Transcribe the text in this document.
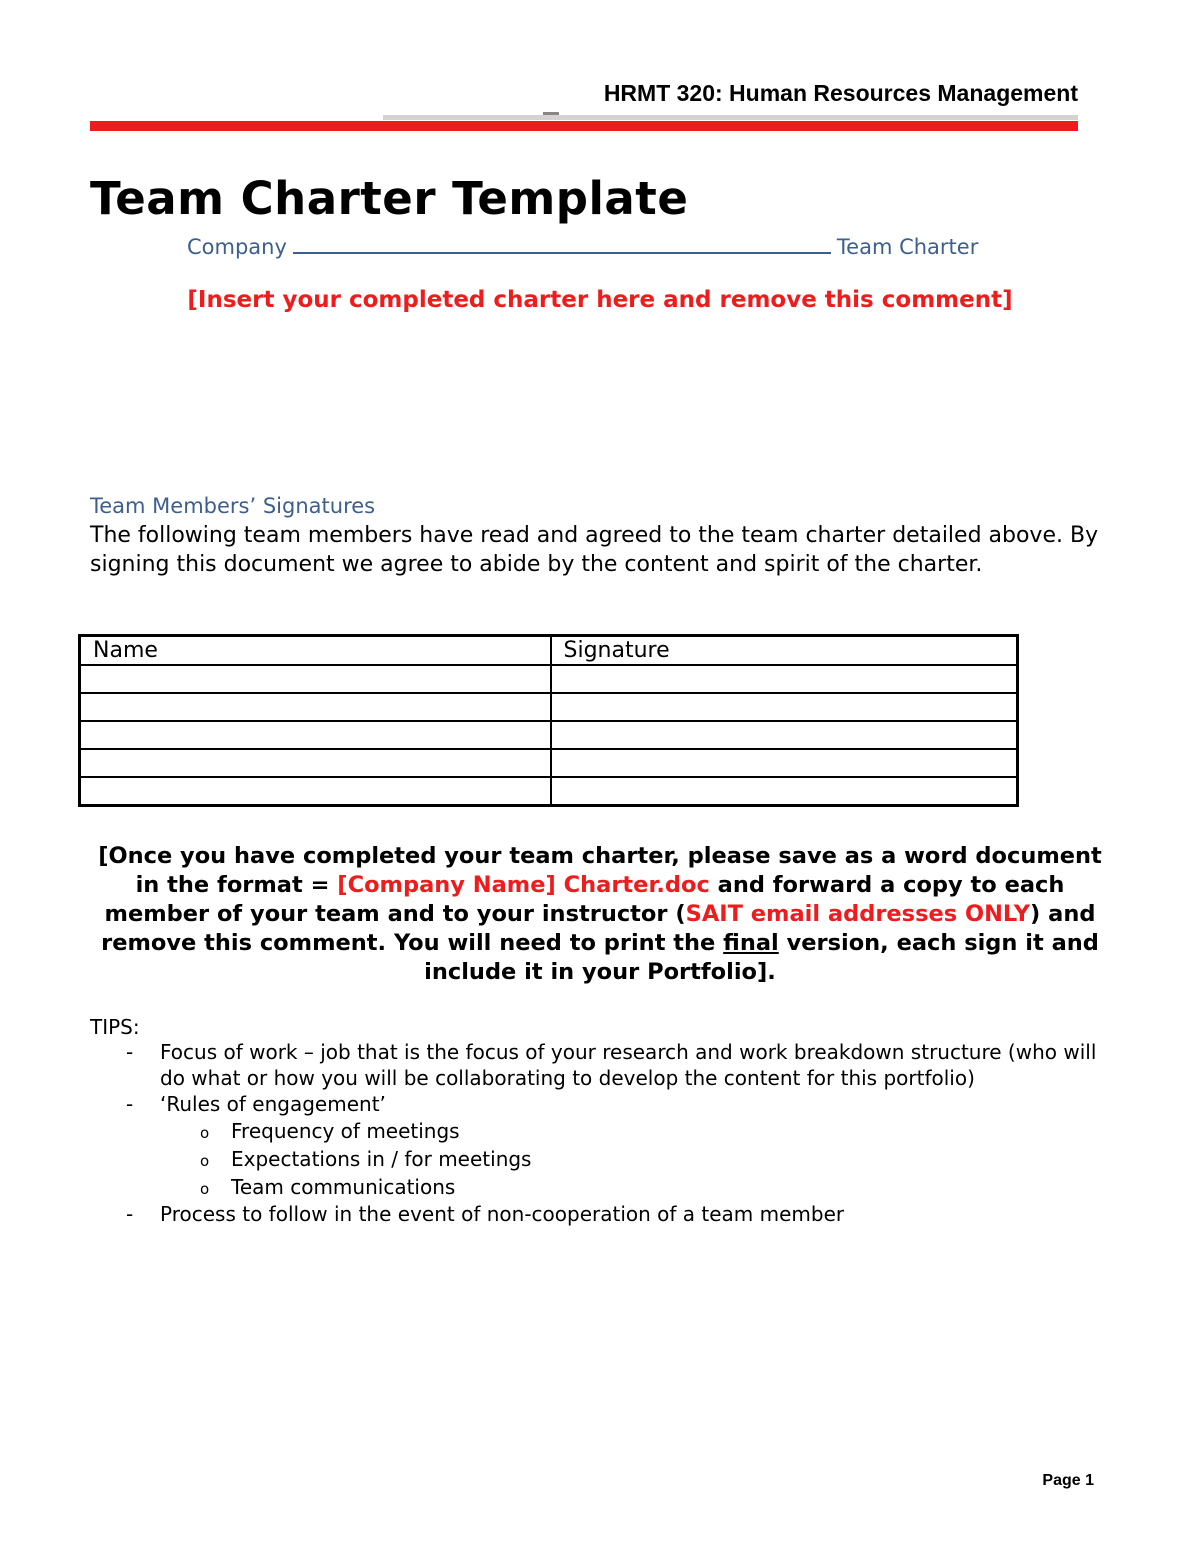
HRMT 320: Human Resources Management
Team Charter Template
Company	Team Charter
[Insert your completed charter here and remove this comment]
Team Members’ Signatures
The following team members have read and agreed to the team charter detailed above. By signing this document we agree to abide by the content and spirit of the charter.
Name	Signature

[Once you have completed your team charter, please save as a word document in the format = [Company Name] Charter.doc and forward a copy to each member of your team and to your instructor (SAIT email addresses ONLY) and remove this comment. You will need to print the final version, each sign it and include it in your Portfolio].
TIPS:
- Focus of work – job that is the focus of your research and work breakdown structure (who will do what or how you will be collaborating to develop the content for this portfolio)
- ‘Rules of engagement’
o Frequency of meetings
o Expectations in / for meetings
o Team communications
- Process to follow in the event of non-cooperation of a team member
Page 1
